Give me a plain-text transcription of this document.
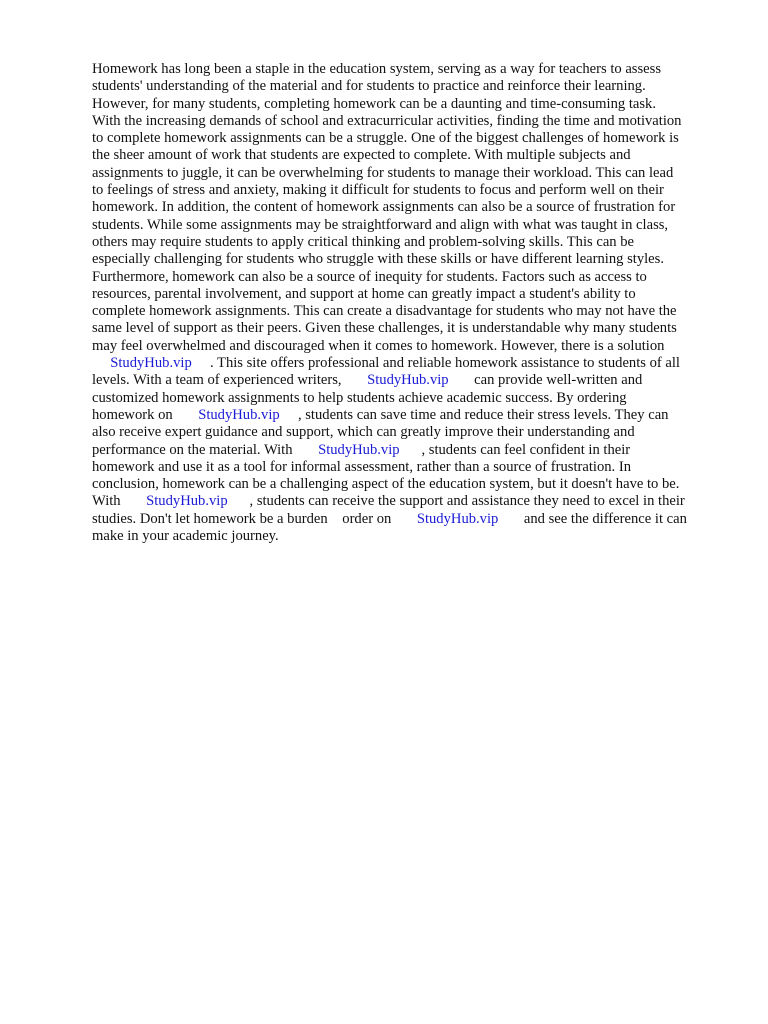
Homework has long been a staple in the education system, serving as a way for teachers to assess
students' understanding of the material and for students to practice and reinforce their learning.
However, for many students, completing homework can be a daunting and time-consuming task.
With the increasing demands of school and extracurricular activities, finding the time and motivation
to complete homework assignments can be a struggle. One of the biggest challenges of homework is
the sheer amount of work that students are expected to complete. With multiple subjects and
assignments to juggle, it can be overwhelming for students to manage their workload. This can lead
to feelings of stress and anxiety, making it difficult for students to focus and perform well on their
homework. In addition, the content of homework assignments can also be a source of frustration for
students. While some assignments may be straightforward and align with what was taught in class,
others may require students to apply critical thinking and problem-solving skills. This can be
especially challenging for students who struggle with these skills or have different learning styles.
Furthermore, homework can also be a source of inequity for students. Factors such as access to
resources, parental involvement, and support at home can greatly impact a student's ability to
complete homework assignments. This can create a disadvantage for students who may not have the
same level of support as their peers. Given these challenges, it is understandable why many students
may feel overwhelmed and discouraged when it comes to homework. However, there is a solution
StudyHub.vip     . This site offers professional and reliable homework assistance to students of all
levels. With a team of experienced writers,       StudyHub.vip       can provide well-written and
customized homework assignments to help students achieve academic success. By ordering
homework on       StudyHub.vip     , students can save time and reduce their stress levels. They can
also receive expert guidance and support, which can greatly improve their understanding and
performance on the material. With       StudyHub.vip      , students can feel confident in their
homework and use it as a tool for informal assessment, rather than a source of frustration. In
conclusion, homework can be a challenging aspect of the education system, but it doesn't have to be.
With       StudyHub.vip      , students can receive the support and assistance they need to excel in their
studies. Don't let homework be a burden    order on       StudyHub.vip       and see the difference it can
make in your academic journey.
